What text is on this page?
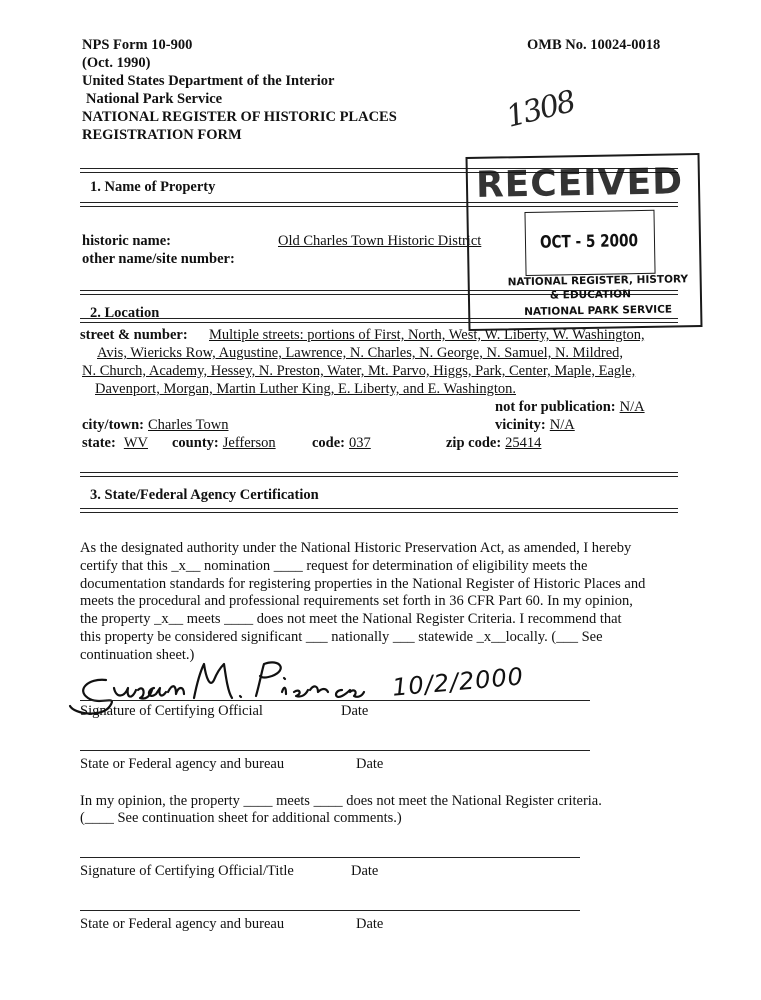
NPS Form 10-900
(Oct. 1990)
United States Department of the Interior
National Park Service
NATIONAL REGISTER OF HISTORIC PLACES
REGISTRATION FORM
OMB No. 10024-0018
1308
1. Name of Property
historic name:	Old Charles Town Historic District
other name/site number:
2. Location
street & number: Multiple streets: portions of First, North, West, W. Liberty, W. Washington,
Avis, Wiericks Row, Augustine, Lawrence, N. Charles, N. George, N. Samuel, N. Mildred,
N. Church, Academy, Hessey, N. Preston, Water, Mt. Parvo, Higgs, Park, Center, Maple, Eagle,
Davenport, Morgan, Martin Luther King, E. Liberty, and E. Washington.
not for publication: N/A
city/town: Charles Town	vicinity: N/A
state: WV county: Jefferson	code: 037	zip code: 25414
3. State/Federal Agency Certification
As the designated authority under the National Historic Preservation Act, as amended, I hereby
certify that this _x__ nomination ____ request for determination of eligibility meets the
documentation standards for registering properties in the National Register of Historic Places and
meets the procedural and professional requirements set forth in 36 CFR Part 60. In my opinion,
the property _x__ meets ____ does not meet the National Register Criteria. I recommend that
this property be considered significant ___ nationally ___ statewide _x__locally. (___ See
continuation sheet.)
10/2/2000
Signature of Certifying Official	Date
State or Federal agency and bureau	Date
In my opinion, the property ____ meets ____ does not meet the National Register criteria.
(____ See continuation sheet for additional comments.)
Signature of Certifying Official/Title	Date
State or Federal agency and bureau	Date
RECEIVED
OCT - 5 2000
NATIONAL REGISTER, HISTORY
& EDUCATION
NATIONAL PARK SERVICE
